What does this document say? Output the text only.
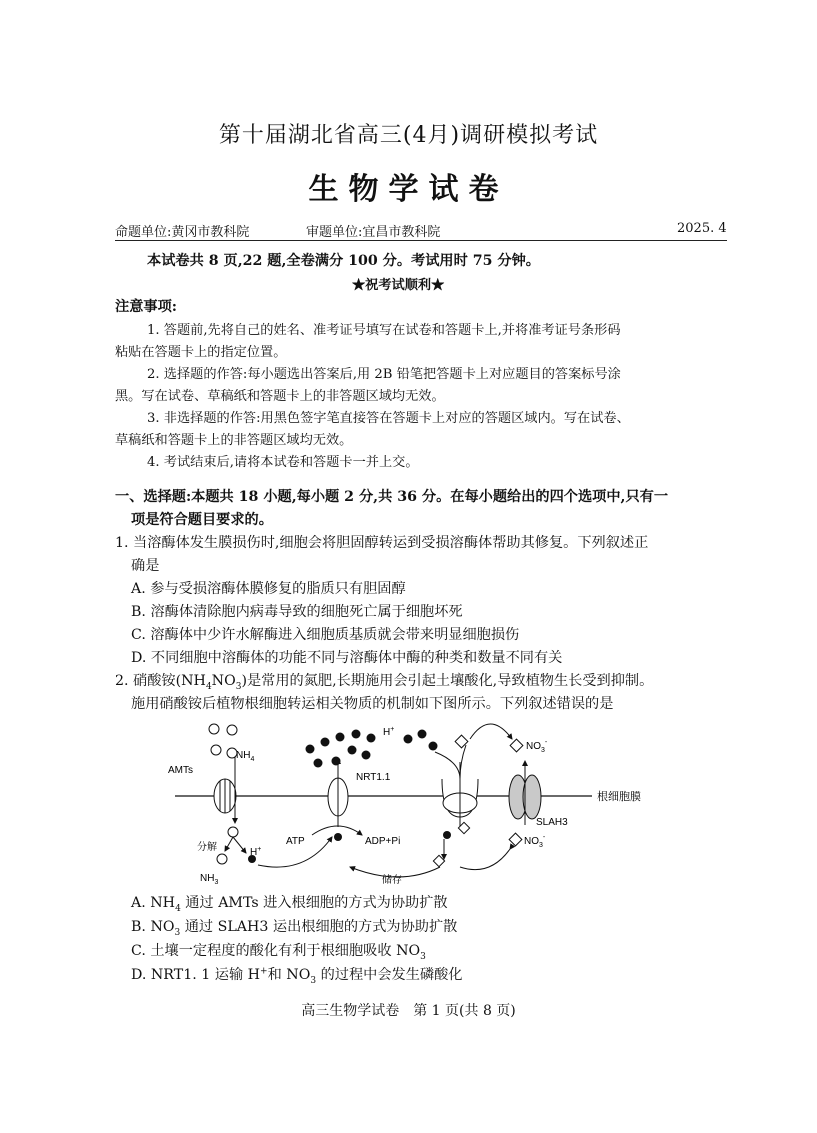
第十届湖北省高三(4月)调研模拟考试
生物学试卷
命题单位:黄冈市教科院	审题单位:宜昌市教科院	2025. 4
本试卷共 8 页,22 题,全卷满分 100 分。考试用时 75 分钟。
★祝考试顺利★
注意事项:
1. 答题前,先将自己的姓名、准考证号填写在试卷和答题卡上,并将准考证号条形码
粘贴在答题卡上的指定位置。
2. 选择题的作答:每小题选出答案后,用 2B 铅笔把答题卡上对应题目的答案标号涂
黑。写在试卷、草稿纸和答题卡上的非答题区域均无效。
3. 非选择题的作答:用黑色签字笔直接答在答题卡上对应的答题区域内。写在试卷、
草稿纸和答题卡上的非答题区域均无效。
4. 考试结束后,请将本试卷和答题卡一并上交。
一、选择题:本题共 18 小题,每小题 2 分,共 36 分。在每小题给出的四个选项中,只有一
项是符合题目要求的。
1. 当溶酶体发生膜损伤时,细胞会将胆固醇转运到受损溶酶体帮助其修复。下列叙述正
确是
A. 参与受损溶酶体膜修复的脂质只有胆固醇
B. 溶酶体清除胞内病毒导致的细胞死亡属于细胞坏死
C. 溶酶体中少许水解酶进入细胞质基质就会带来明显细胞损伤
D. 不同细胞中溶酶体的功能不同与溶酶体中酶的种类和数量不同有关
2. 硝酸铵$(NH_4NO_3)$是常用的氮肥,长期施用会引起土壤酸化,导致植物生长受到抑制。
施用硝酸铵后植物根细胞转运相关物质的机制如下图所示。下列叙述错误的是
根细胞膜
$NH_4$
AMTs
分解	H+
$NH_3$
ATP	ADP+Pi
H+
NRT1.1
储存
$NO_3^-$
SLAH3
$NO_3^-$
A. $NH_4$ 通过 AMTs 进入根细胞的方式为协助扩散
B. $NO_3$ 通过 SLAH3 运出根细胞的方式为协助扩散
C. 土壤一定程度的酸化有利于根细胞吸收 $NO_3$
D. NRT1. 1 运输 H+和 $NO_3$ 的过程中会发生磷酸化
高三生物学试卷　第 1 页(共 8 页)
